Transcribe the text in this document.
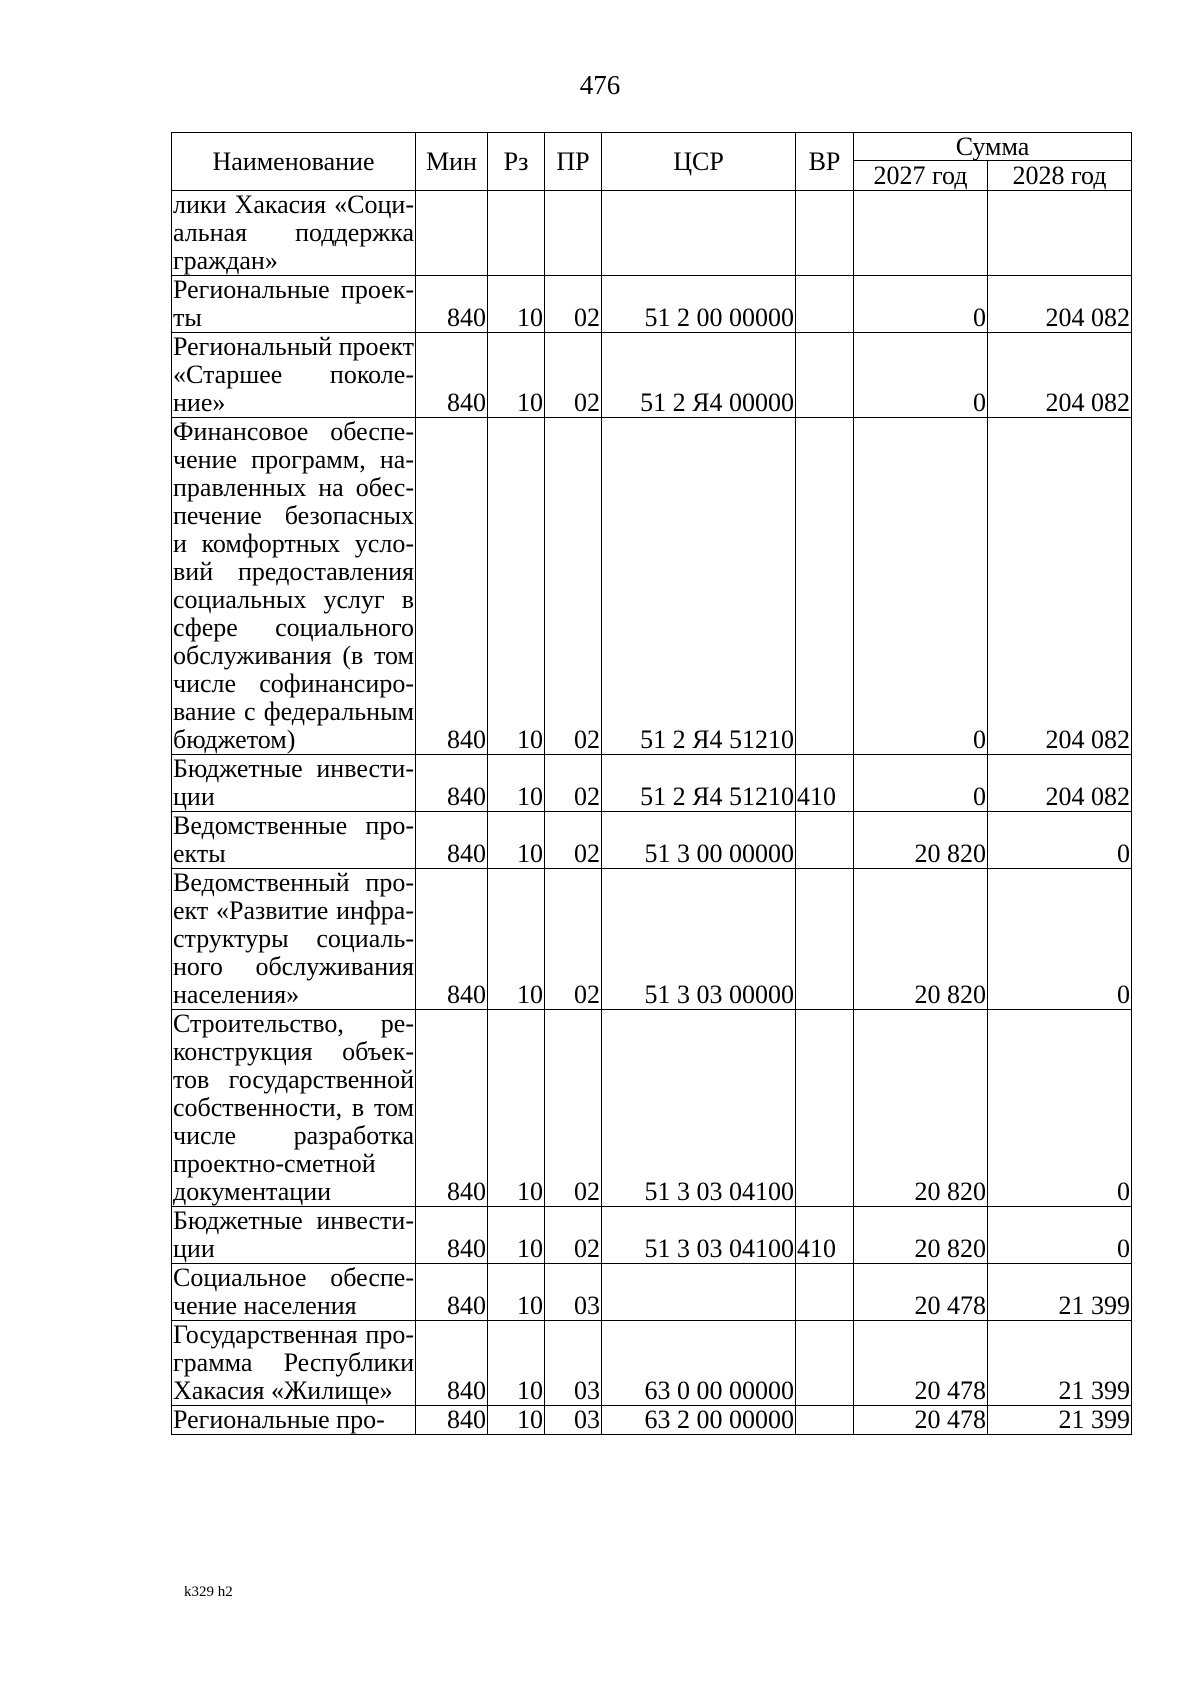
476
Наименование	Мин	Рз	ПР	ЦСР	ВР	Сумма	
						2027 год	2028 год
лики Хакасия «Социальная поддержка граждан»							
Региональные проекты	840	10	02	51 2 00 00000		0	204 082
Региональный проект «Старшее поколение»	840	10	02	51 2 Я4 00000		0	204 082
Финансовое обеспечение программ, направленных на обеспечение безопасных и комфортных условий предоставления социальных услуг в сфере социального обслуживания (в том числе софинансирование с федеральным бюджетом)	840	10	02	51 2 Я4 51210		0	204 082
Бюджетные инвестиции	840	10	02	51 2 Я4 51210	410	0	204 082
Ведомственные проекты	840	10	02	51 3 00 00000		20 820	0
Ведомственный проект «Развитие инфраструктуры социального обслуживания населения»	840	10	02	51 3 03 00000		20 820	0
Строительство, реконструкция объектов государственной собственности, в том числе разработка проектно-сметной документации	840	10	02	51 3 03 04100		20 820	0
Бюджетные инвестиции	840	10	02	51 3 03 04100	410	20 820	0
Социальное обеспечение населения	840	10	03			20 478	21 399
Государственная программа Республики Хакасия «Жилище»	840	10	03	63 0 00 00000		20 478	21 399
Региональные про-	840	10	03	63 2 00 00000		20 478	21 399
k329 h2
